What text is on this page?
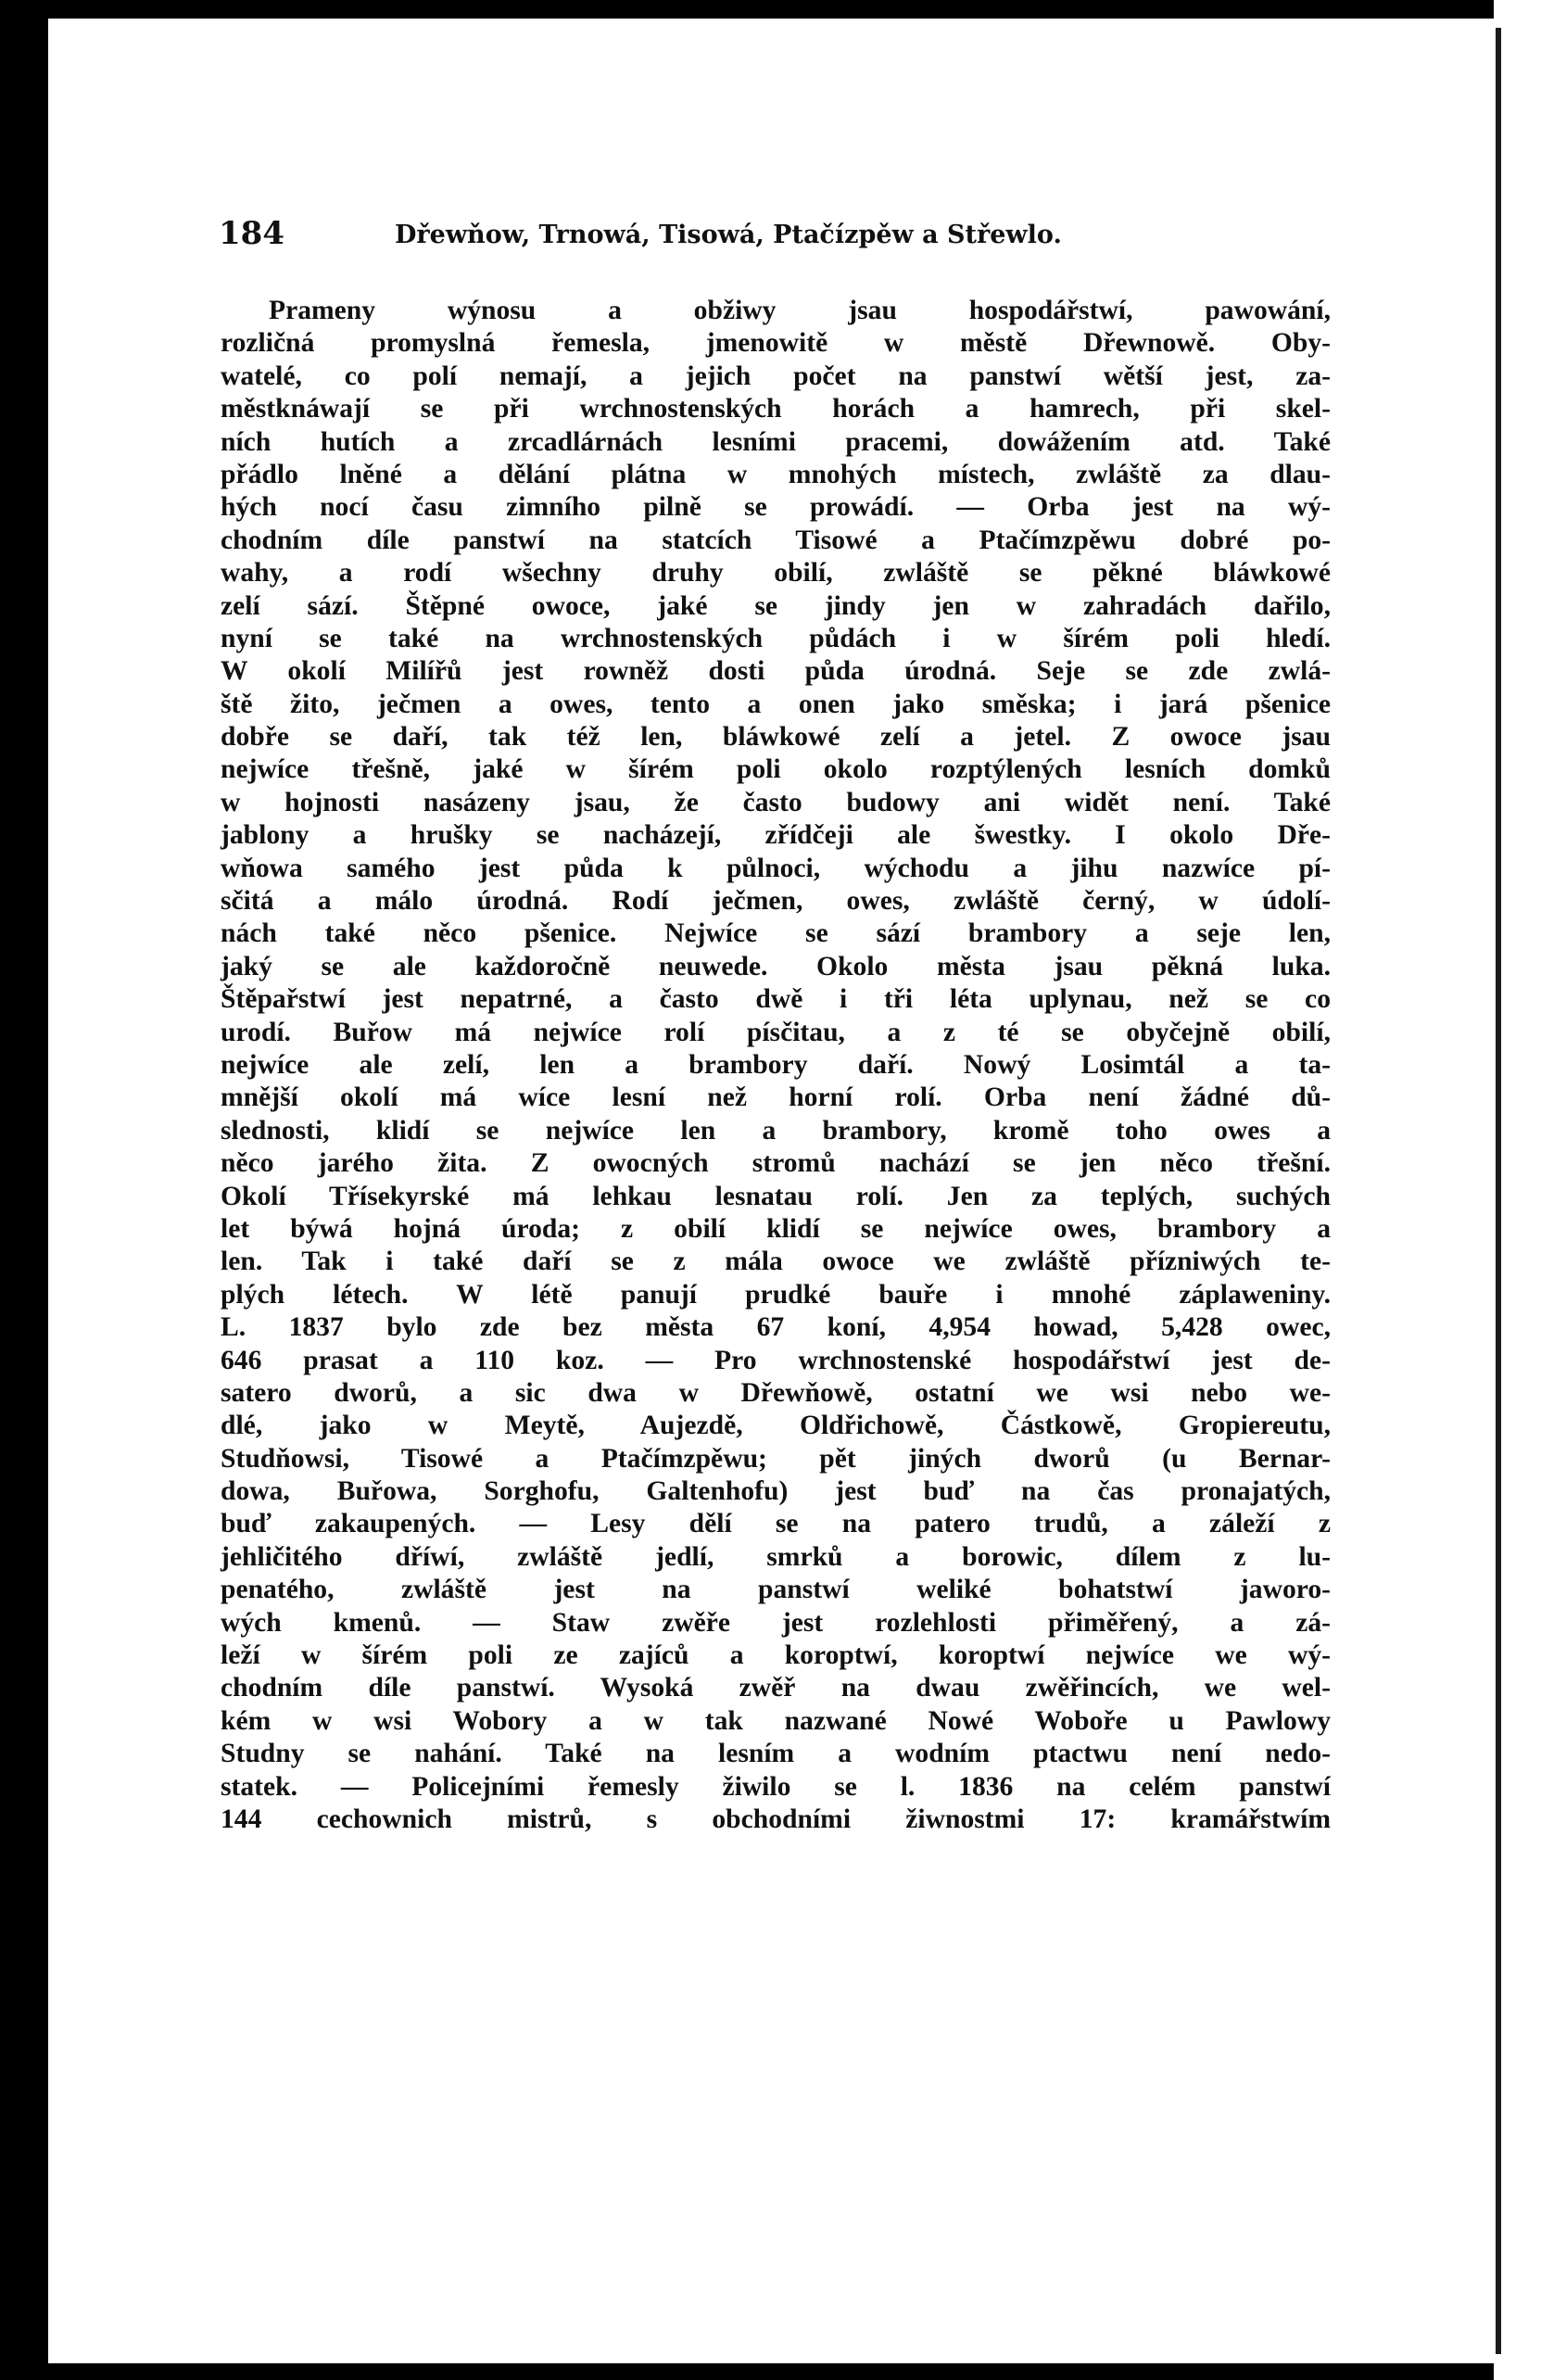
184	Dřewňow, Trnowá, Tisowá, Ptačízpěw a Střewlo.
Prameny wýnosu a obžiwy jsau hospodářstwí, pawowání,
rozličná promyslná řemesla, jmenowitě w městě Dřewnowě. Oby-
watelé, co polí nemají, a jejich počet na panstwí wětší jest, za-
městknáwají se při wrchnostenských horách a hamrech, při skel-
ních hutích a zrcadlárnách lesními pracemi, dowážením atd. Také
přádlo lněné a dělání plátna w mnohých místech, zwláště za dlau-
hých nocí času zimního pilně se prowádí. — Orba jest na wý-
chodním díle panstwí na statcích Tisowé a Ptačímzpěwu dobré po-
wahy, a rodí wšechny druhy obilí, zwláště se pěkné bláwkowé
zelí sází. Štěpné owoce, jaké se jindy jen w zahradách dařilo,
nyní se také na wrchnostenských půdách i w šírém poli hledí.
W okolí Milířů jest rowněž dosti půda úrodná. Seje se zde zwlá-
ště žito, ječmen a owes, tento a onen jako směska; i jará pšenice
dobře se daří, tak též len, bláwkowé zelí a jetel. Z owoce jsau
nejwíce třešně, jaké w šírém poli okolo rozptýlených lesních domků
w hojnosti nasázeny jsau, že často budowy ani widět není. Také
jablony a hrušky se nacházejí, zřídčeji ale šwestky. I okolo Dře-
wňowa samého jest půda k půlnoci, wýchodu a jihu nazwíce pí-
sčitá a málo úrodná. Rodí ječmen, owes, zwláště černý, w údolí-
nách také něco pšenice. Nejwíce se sází brambory a seje len,
jaký se ale každoročně neuwede. Okolo města jsau pěkná luka.
Štěpařstwí jest nepatrné, a často dwě i tři léta uplynau, než se co
urodí. Buřow má nejwíce rolí písčitau, a z té se obyčejně obilí,
nejwíce ale zelí, len a brambory daří. Nowý Losimtál a ta-
mnější okolí má wíce lesní než horní rolí. Orba není žádné dů-
slednosti, klidí se nejwíce len a brambory, kromě toho owes a
něco jarého žita. Z owocných stromů nachází se jen něco třešní.
Okolí Třísekyrské má lehkau lesnatau rolí. Jen za teplých, suchých
let býwá hojná úroda; z obilí klidí se nejwíce owes, brambory a
len. Tak i také daří se z mála owoce we zwláště přízniwých te-
plých létech. W létě panují prudké bauře i mnohé záplaweniny.
L. 1837 bylo zde bez města 67 koní, 4,954 howad, 5,428 owec,
646 prasat a 110 koz. — Pro wrchnostenské hospodářstwí jest de-
satero dworů, a sic dwa w Dřewňowě, ostatní we wsi nebo we-
dlé, jako w Meytě, Aujezdě, Oldřichowě, Částkowě, Gropiereutu,
Studňowsi, Tisowé a Ptačímzpěwu; pět jiných dworů (u Bernar-
dowa, Buřowa, Sorghofu, Galtenhofu) jest buď na čas pronajatých,
buď zakaupených. — Lesy dělí se na patero trudů, a záleží z
jehličitého dříwí, zwláště jedlí, smrků a borowic, dílem z lu-
penatého, zwláště jest na panstwí weliké bohatstwí jaworo-
wých kmenů. — Staw zwěře jest rozlehlosti přiměřený, a zá-
leží w šírém poli ze zajíců a koroptwí, koroptwí nejwíce we wý-
chodním díle panstwí. Wysoká zwěř na dwau zwěřincích, we wel-
kém w wsi Wobory a w tak nazwané Nowé Woboře u Pawlowy
Studny se nahání. Také na lesním a wodním ptactwu není nedo-
statek. — Policejními řemesly žiwilo se l. 1836 na celém panstwí
144 cechownich mistrů, s obchodními žiwnostmi 17: kramářstwím
